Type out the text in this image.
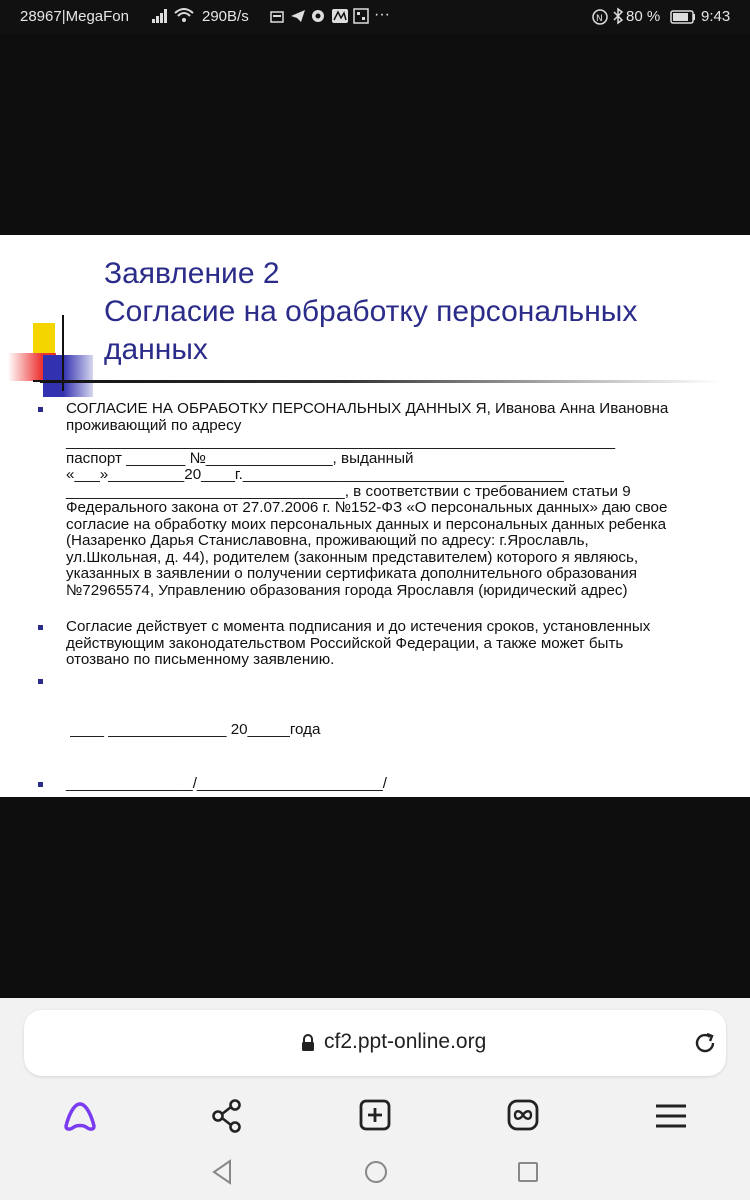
28967|MegaFon	290B/s	···	N 80 %	9:43
Заявление 2
Согласие на обработку персональных
данных

СОГЛАСИЕ НА ОБРАБОТКУ ПЕРСОНАЛЬНЫХ ДАННЫХ Я, Иванова Анна Ивановна

проживающий по адресу

_________________________________________________________________

паспорт _______ №_______________, выданный

«___»_________20____г.______________________________________

_________________________________, в соответствии с требованием статьи 9

Федерального закона от 27.07.2006 г. №152-ФЗ «О персональных данных» даю свое

согласие на обработку моих персональных данных и персональных данных ребенка

(Назаренко Дарья Станиславовна, проживающий по адресу: г.Ярославль,

ул.Школьная, д. 44), родителем (законным представителем) которого я являюсь,

указанных в заявлении о получении сертификата дополнительного образования

№72965574, Управлению образования города Ярославля (юридический адрес)

Согласие действует с момента подписания и до истечения сроков, установленных

действующим законодательством Российской Федерации, а также может быть

отозвано по письменному заявлению.

____ ______________ 20_____года

_______________/______________________/

cf2.ppt-online.org
